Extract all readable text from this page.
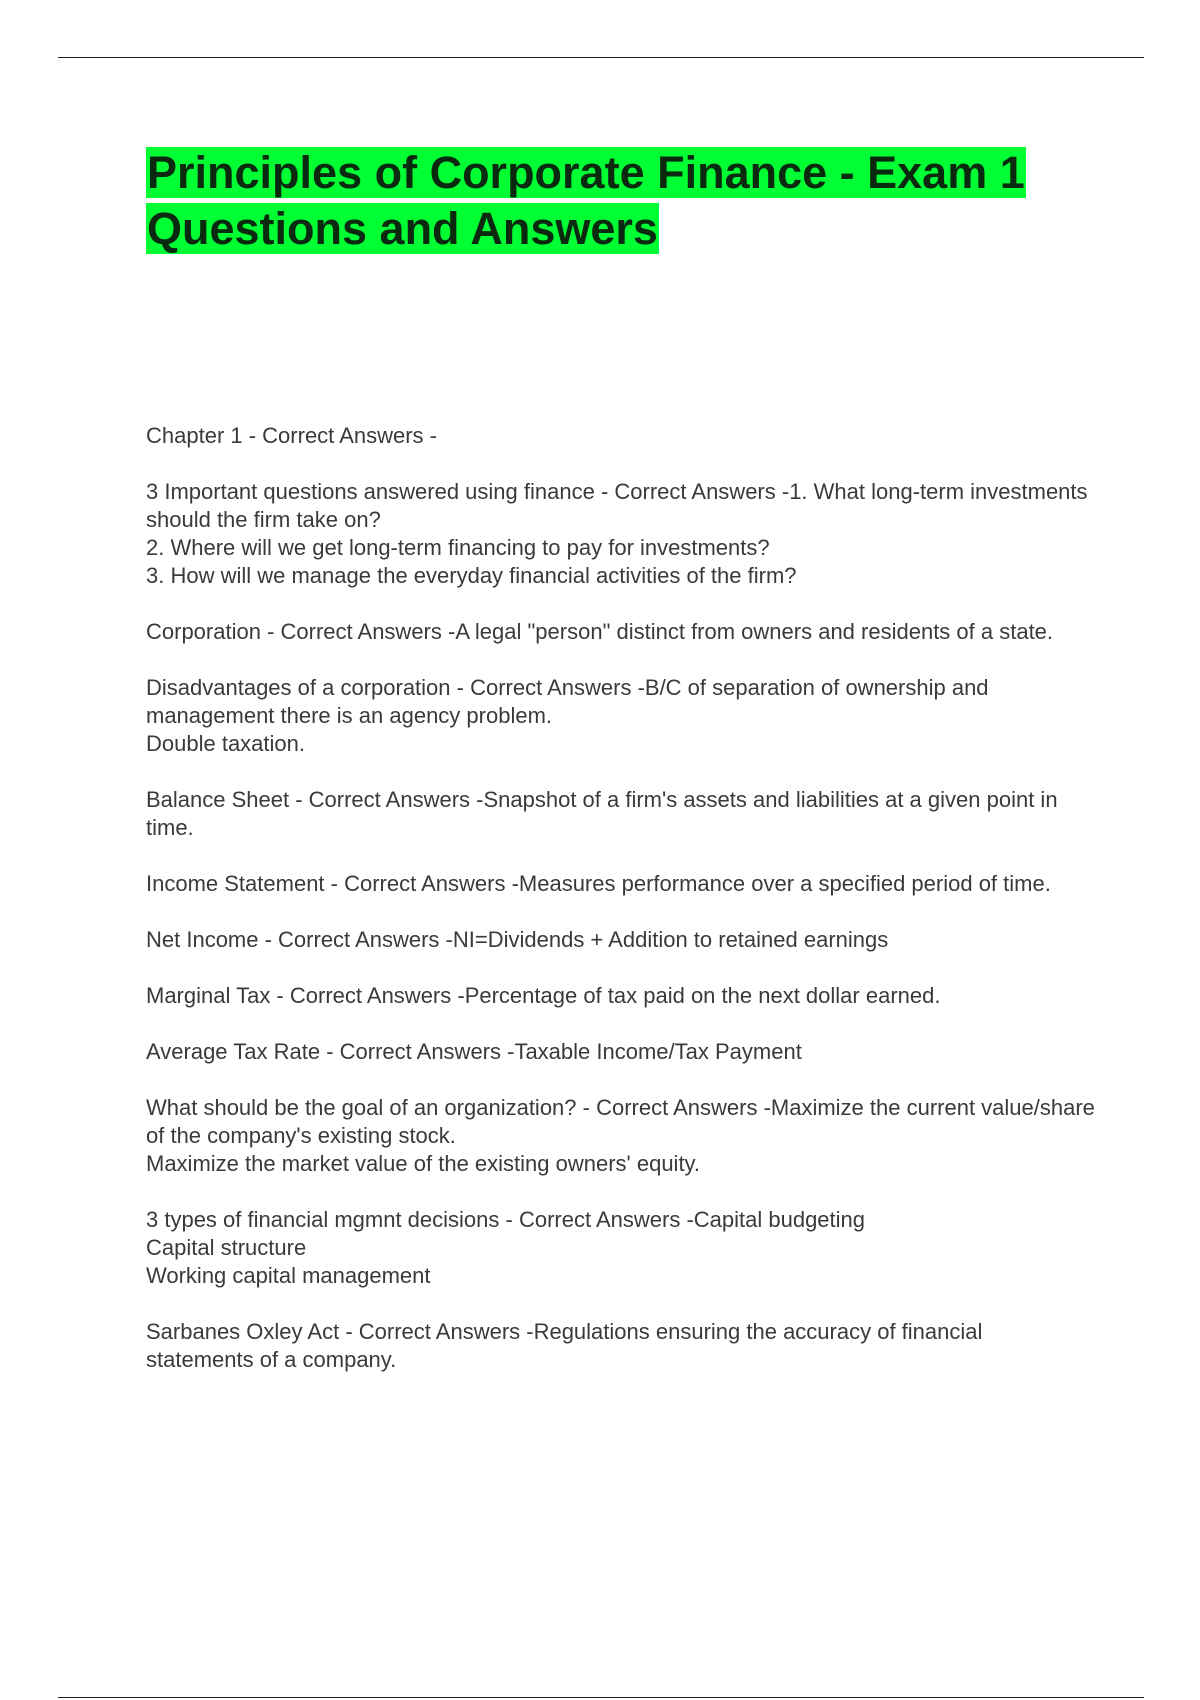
Principles of Corporate Finance - Exam 1 Questions and Answers
Chapter 1 - Correct Answers -
3 Important questions answered using finance - Correct Answers -1. What long-term investments should the firm take on?
2. Where will we get long-term financing to pay for investments?
3. How will we manage the everyday financial activities of the firm?
Corporation - Correct Answers -A legal "person" distinct from owners and residents of a state.
Disadvantages of a corporation - Correct Answers -B/C of separation of ownership and management there is an agency problem.
Double taxation.
Balance Sheet - Correct Answers -Snapshot of a firm's assets and liabilities at a given point in time.
Income Statement - Correct Answers -Measures performance over a specified period of time.
Net Income - Correct Answers -NI=Dividends + Addition to retained earnings
Marginal Tax - Correct Answers -Percentage of tax paid on the next dollar earned.
Average Tax Rate - Correct Answers -Taxable Income/Tax Payment
What should be the goal of an organization? - Correct Answers -Maximize the current value/share of the company's existing stock.
Maximize the market value of the existing owners' equity.
3 types of financial mgmnt decisions - Correct Answers -Capital budgeting
Capital structure
Working capital management
Sarbanes Oxley Act - Correct Answers -Regulations ensuring the accuracy of financial statements of a company.
